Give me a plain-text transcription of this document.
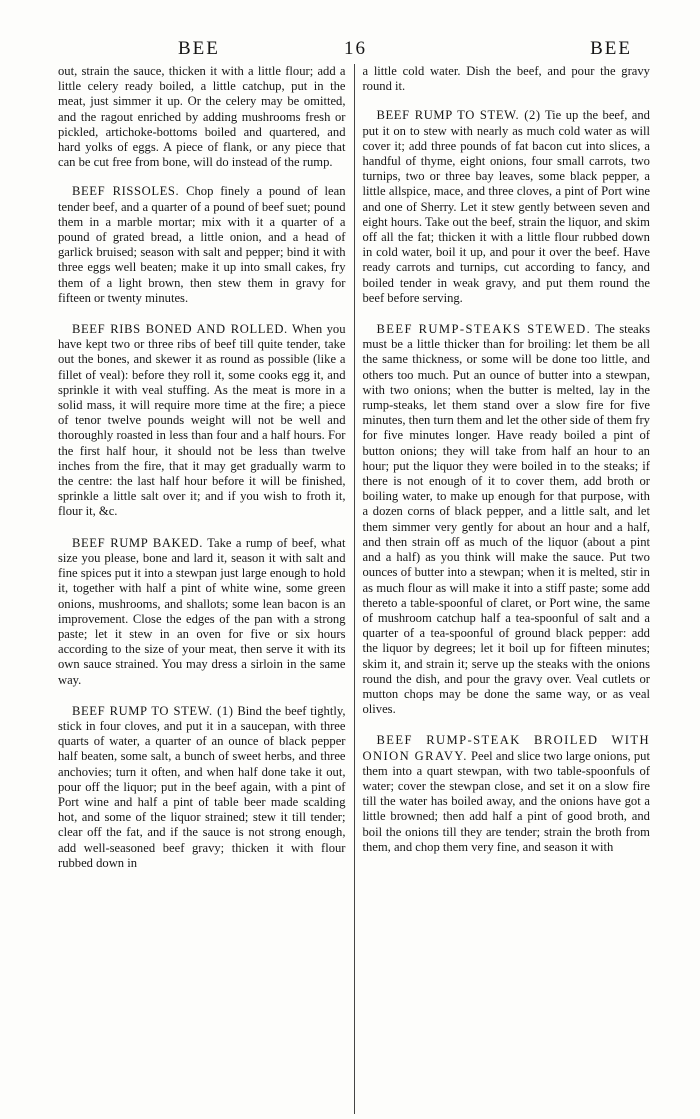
BEE	16	BEE

out, strain the sauce, thicken it with a little flour; add a little celery ready boiled, a little catchup, put in the meat, just simmer it up. Or the celery may be omitted, and the ragout enriched by adding mushrooms fresh or pickled, artichoke-bottoms boiled and quartered, and hard yolks of eggs. A piece of flank, or any piece that can be cut free from bone, will do instead of the rump.

BEEF RISSOLES. Chop finely a pound of lean tender beef, and a quarter of a pound of beef suet; pound them in a marble mortar; mix with it a quarter of a pound of grated bread, a little onion, and a head of garlick bruised; season with salt and pepper; bind it with three eggs well beaten; make it up into small cakes, fry them of a light brown, then stew them in gravy for fifteen or twenty minutes.

BEEF RIBS BONED AND ROLLED. When you have kept two or three ribs of beef till quite tender, take out the bones, and skewer it as round as possible (like a fillet of veal): before they roll it, some cooks egg it, and sprinkle it with veal stuffing. As the meat is more in a solid mass, it will require more time at the fire; a piece of tenor twelve pounds weight will not be well and thoroughly roasted in less than four and a half hours. For the first half hour, it should not be less than twelve inches from the fire, that it may get gradually warm to the centre: the last half hour before it will be finished, sprinkle a little salt over it; and if you wish to froth it, flour it, &c.

BEEF RUMP BAKED. Take a rump of beef, what size you please, bone and lard it, season it with salt and fine spices put it into a stewpan just large enough to hold it, together with half a pint of white wine, some green onions, mushrooms, and shallots; some lean bacon is an improvement. Close the edges of the pan with a strong paste; let it stew in an oven for five or six hours according to the size of your meat, then serve it with its own sauce strained. You may dress a sirloin in the same way.

BEEF RUMP TO STEW. (1) Bind the beef tightly, stick in four cloves, and put it in a saucepan, with three quarts of water, a quarter of an ounce of black pepper half beaten, some salt, a bunch of sweet herbs, and three anchovies; turn it often, and when half done take it out, pour off the liquor; put in the beef again, with a pint of Port wine and half a pint of table beer made scalding hot, and some of the liquor strained; stew it till tender; clear off the fat, and if the sauce is not strong enough, add well-seasoned beef gravy; thicken it with flour rubbed down in

a little cold water. Dish the beef, and pour the gravy round it.

BEEF RUMP TO STEW. (2) Tie up the beef, and put it on to stew with nearly as much cold water as will cover it; add three pounds of fat bacon cut into slices, a handful of thyme, eight onions, four small carrots, two turnips, two or three bay leaves, some black pepper, a little allspice, mace, and three cloves, a pint of Port wine and one of Sherry. Let it stew gently between seven and eight hours. Take out the beef, strain the liquor, and skim off all the fat; thicken it with a little flour rubbed down in cold water, boil it up, and pour it over the beef. Have ready carrots and turnips, cut according to fancy, and boiled tender in weak gravy, and put them round the beef before serving.

BEEF RUMP-STEAKS STEWED. The steaks must be a little thicker than for broiling: let them be all the same thickness, or some will be done too little, and others too much. Put an ounce of butter into a stewpan, with two onions; when the butter is melted, lay in the rump-steaks, let them stand over a slow fire for five minutes, then turn them and let the other side of them fry for five minutes longer. Have ready boiled a pint of button onions; they will take from half an hour to an hour; put the liquor they were boiled in to the steaks; if there is not enough of it to cover them, add broth or boiling water, to make up enough for that purpose, with a dozen corns of black pepper, and a little salt, and let them simmer very gently for about an hour and a half, and then strain off as much of the liquor (about a pint and a half) as you think will make the sauce. Put two ounces of butter into a stewpan; when it is melted, stir in as much flour as will make it into a stiff paste; some add thereto a table-spoonful of claret, or Port wine, the same of mushroom catchup half a tea-spoonful of salt and a quarter of a tea-spoonful of ground black pepper: add the liquor by degrees; let it boil up for fifteen minutes; skim it, and strain it; serve up the steaks with the onions round the dish, and pour the gravy over. Veal cutlets or mutton chops may be done the same way, or as veal olives.

BEEF RUMP-STEAK BROILED WITH ONION GRAVY. Peel and slice two large onions, put them into a quart stewpan, with two table-spoonfuls of water; cover the stewpan close, and set it on a slow fire till the water has boiled away, and the onions have got a little browned; then add half a pint of good broth, and boil the onions till they are tender; strain the broth from them, and chop them very fine, and season it with
